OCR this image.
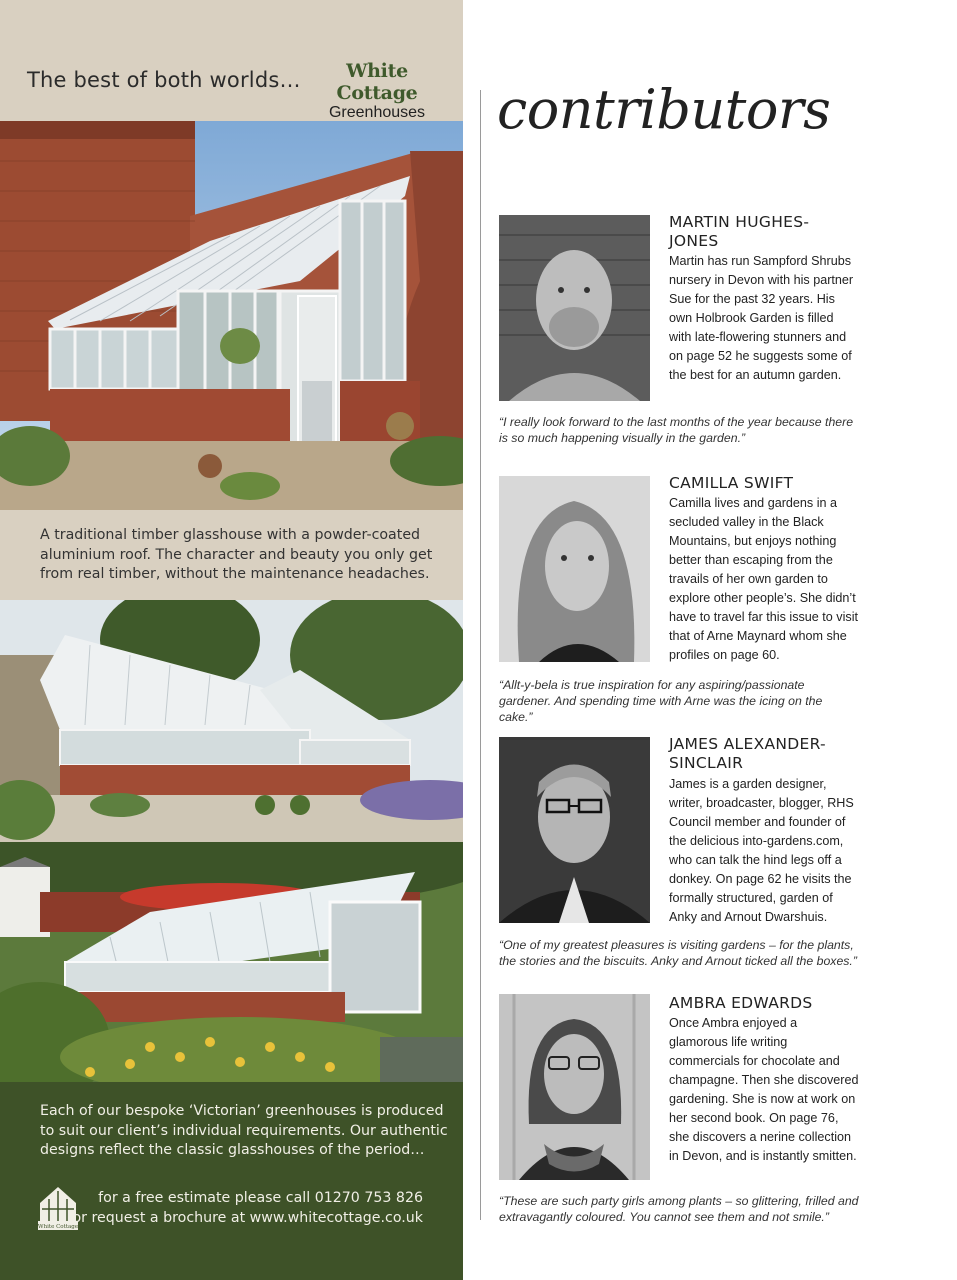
The best of both worlds…	White Cottage
Greenhouses
A traditional timber glasshouse with a powder-coated aluminium roof. The character and beauty you only get from real timber, without the maintenance headaches.
Each of our bespoke ‘Victorian’ greenhouses is produced to suit our client’s individual requirements. Our authentic designs reflect the classic glasshouses of the period…
White Cottage
for a free estimate please call 01270 753 826
or request a brochure at www.whitecottage.co.uk
contributors
MARTIN HUGHES-JONES
Martin has run Sampford Shrubs nursery in Devon with his partner Sue for the past 32 years. His own Holbrook Garden is filled with late-flowering stunners and on page 52 he suggests some of the best for an autumn garden.
“I really look forward to the last months of the year because there is so much happening visually in the garden.”
CAMILLA SWIFT
Camilla lives and gardens in a secluded valley in the Black Mountains, but enjoys nothing better than escaping from the travails of her own garden to explore other people’s. She didn’t have to travel far this issue to visit that of Arne Maynard whom she profiles on page 60.
“Allt-y-bela is true inspiration for any aspiring/passionate gardener. And spending time with Arne was the icing on the cake.”
JAMES ALEXANDER-SINCLAIR
James is a garden designer, writer, broadcaster, blogger, RHS Council member and founder of the delicious into-gardens.com, who can talk the hind legs off a donkey. On page 62 he visits the formally structured, garden of Anky and Arnout Dwarshuis.
“One of my greatest pleasures is visiting gardens – for the plants, the stories and the biscuits. Anky and Arnout ticked all the boxes.”
AMBRA EDWARDS
Once Ambra enjoyed a glamorous life writing commercials for chocolate and champagne. Then she discovered gardening. She is now at work on her second book. On page 76, she discovers a nerine collection in Devon, and is instantly smitten.
“These are such party girls among plants – so glittering, frilled and extravagantly coloured. You cannot see them and not smile.”
